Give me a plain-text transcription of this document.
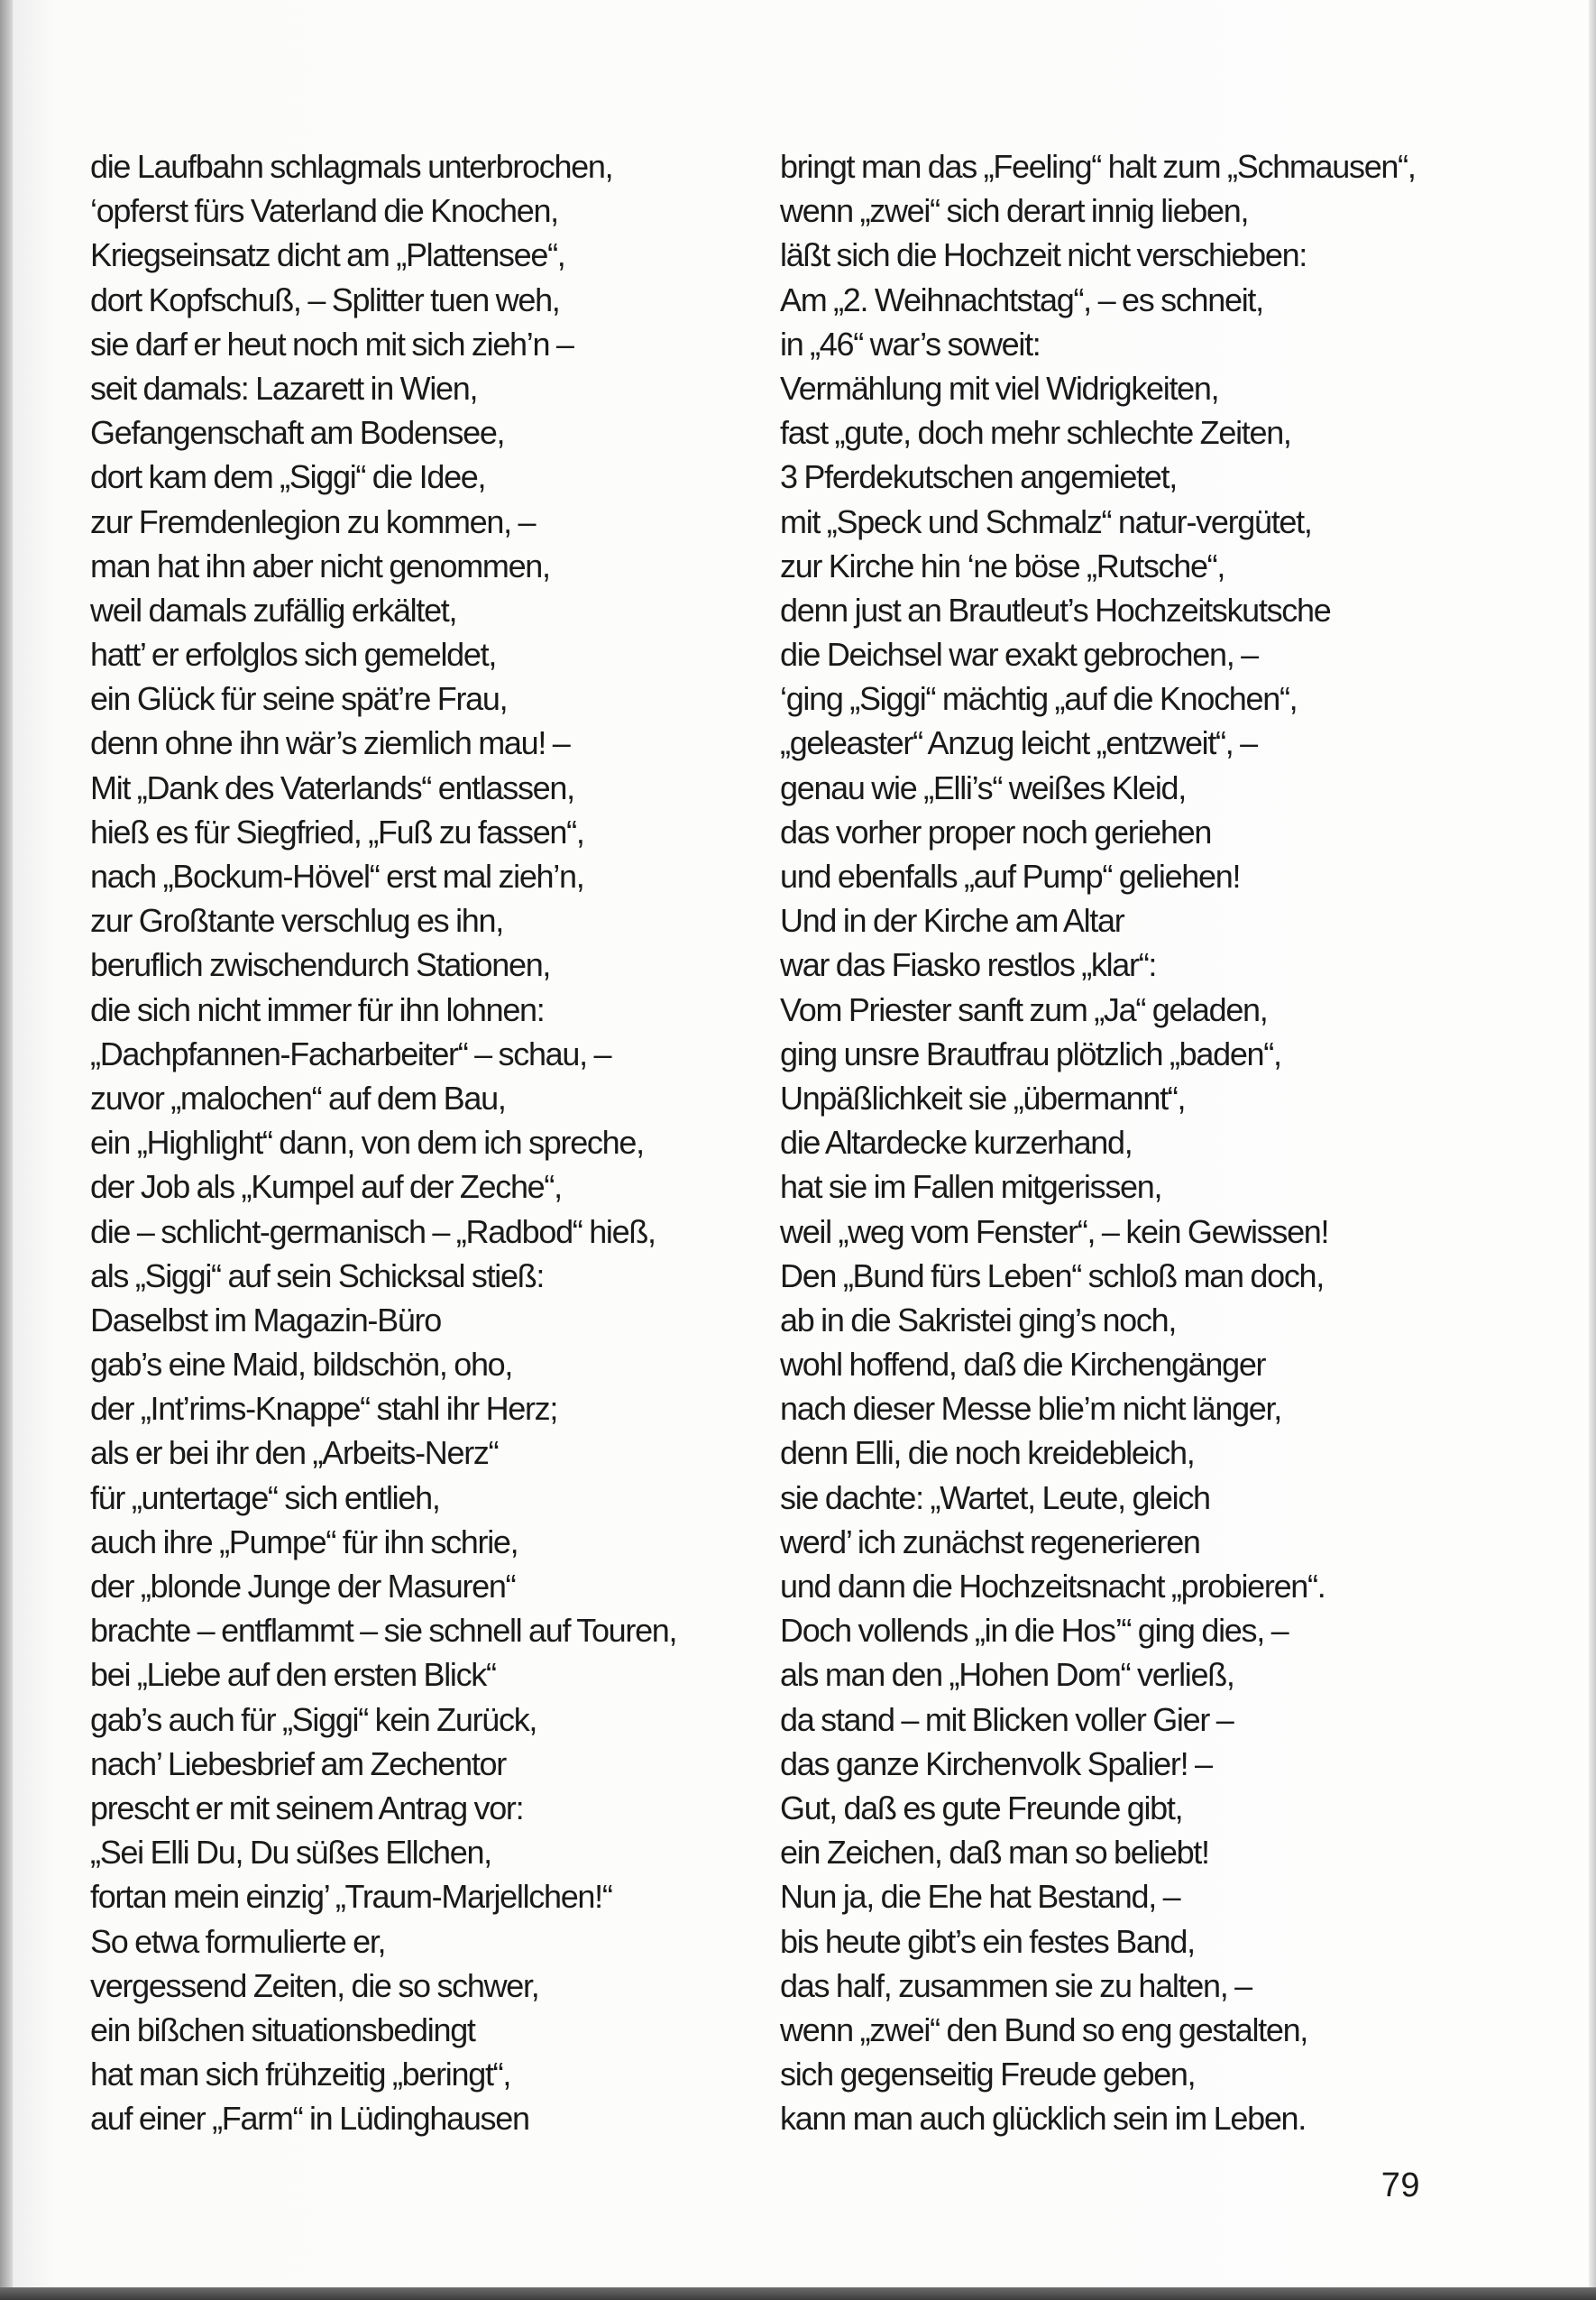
die Laufbahn schlagmals unterbrochen,
‘opferst fürs Vaterland die Knochen,
Kriegseinsatz dicht am „Plattensee“,
dort Kopfschuß, – Splitter tuen weh,
sie darf er heut noch mit sich zieh’n –
seit damals: Lazarett in Wien,
Gefangenschaft am Bodensee,
dort kam dem „Siggi“ die Idee,
zur Fremdenlegion zu kommen, –
man hat ihn aber nicht genommen,
weil damals zufällig erkältet,
hatt’ er erfolglos sich gemeldet,
ein Glück für seine spät’re Frau,
denn ohne ihn wär’s ziemlich mau! –
Mit „Dank des Vaterlands“ entlassen,
hieß es für Siegfried, „Fuß zu fassen“,
nach „Bockum-Hövel“ erst mal zieh’n,
zur Großtante verschlug es ihn,
beruflich zwischendurch Stationen,
die sich nicht immer für ihn lohnen:
„Dachpfannen-Facharbeiter“ – schau, –
zuvor „malochen“ auf dem Bau,
ein „Highlight“ dann, von dem ich spreche,
der Job als „Kumpel auf der Zeche“,
die – schlicht-germanisch – „Radbod“ hieß,
als „Siggi“ auf sein Schicksal stieß:
Daselbst im Magazin-Büro
gab’s eine Maid, bildschön, oho,
der „Int’rims-Knappe“ stahl ihr Herz;
als er bei ihr den „Arbeits-Nerz“
für „untertage“ sich entlieh,
auch ihre „Pumpe“ für ihn schrie,
der „blonde Junge der Masuren“
brachte – entflammt – sie schnell auf Touren,
bei „Liebe auf den ersten Blick“
gab’s auch für „Siggi“ kein Zurück,
nach’ Liebesbrief am Zechentor
prescht er mit seinem Antrag vor:
„Sei Elli Du, Du süßes Ellchen,
fortan mein einzig’ „Traum-Marjellchen!“
So etwa formulierte er,
vergessend Zeiten, die so schwer,
ein bißchen situationsbedingt
hat man sich frühzeitig „beringt“,
auf einer „Farm“ in Lüdinghausen
bringt man das „Feeling“ halt zum „Schmausen“,
wenn „zwei“ sich derart innig lieben,
läßt sich die Hochzeit nicht verschieben:
Am „2. Weihnachtstag“, – es schneit,
in „46“ war’s soweit:
Vermählung mit viel Widrigkeiten,
fast „gute, doch mehr schlechte Zeiten,
3 Pferdekutschen angemietet,
mit „Speck und Schmalz“ natur-vergütet,
zur Kirche hin ‘ne böse „Rutsche“,
denn just an Brautleut’s Hochzeitskutsche
die Deichsel war exakt gebrochen, –
‘ging „Siggi“ mächtig „auf die Knochen“,
„geleaster“ Anzug leicht „entzweit“, –
genau wie „Elli’s“ weißes Kleid,
das vorher proper noch geriehen
und ebenfalls „auf Pump“ geliehen!
Und in der Kirche am Altar
war das Fiasko restlos „klar“:
Vom Priester sanft zum „Ja“ geladen,
ging unsre Brautfrau plötzlich „baden“,
Unpäßlichkeit sie „übermannt“,
die Altardecke kurzerhand,
hat sie im Fallen mitgerissen,
weil „weg vom Fenster“, – kein Gewissen!
Den „Bund fürs Leben“ schloß man doch,
ab in die Sakristei ging’s noch,
wohl hoffend, daß die Kirchengänger
nach dieser Messe blie’m nicht länger,
denn Elli, die noch kreidebleich,
sie dachte: „Wartet, Leute, gleich
werd’ ich zunächst regenerieren
und dann die Hochzeitsnacht „probieren“.
Doch vollends „in die Hos’“ ging dies, –
als man den „Hohen Dom“ verließ,
da stand – mit Blicken voller Gier –
das ganze Kirchenvolk Spalier! –
Gut, daß es gute Freunde gibt,
ein Zeichen, daß man so beliebt!
Nun ja, die Ehe hat Bestand, –
bis heute gibt’s ein festes Band,
das half, zusammen sie zu halten, –
wenn „zwei“ den Bund so eng gestalten,
sich gegenseitig Freude geben,
kann man auch glücklich sein im Leben.
79
